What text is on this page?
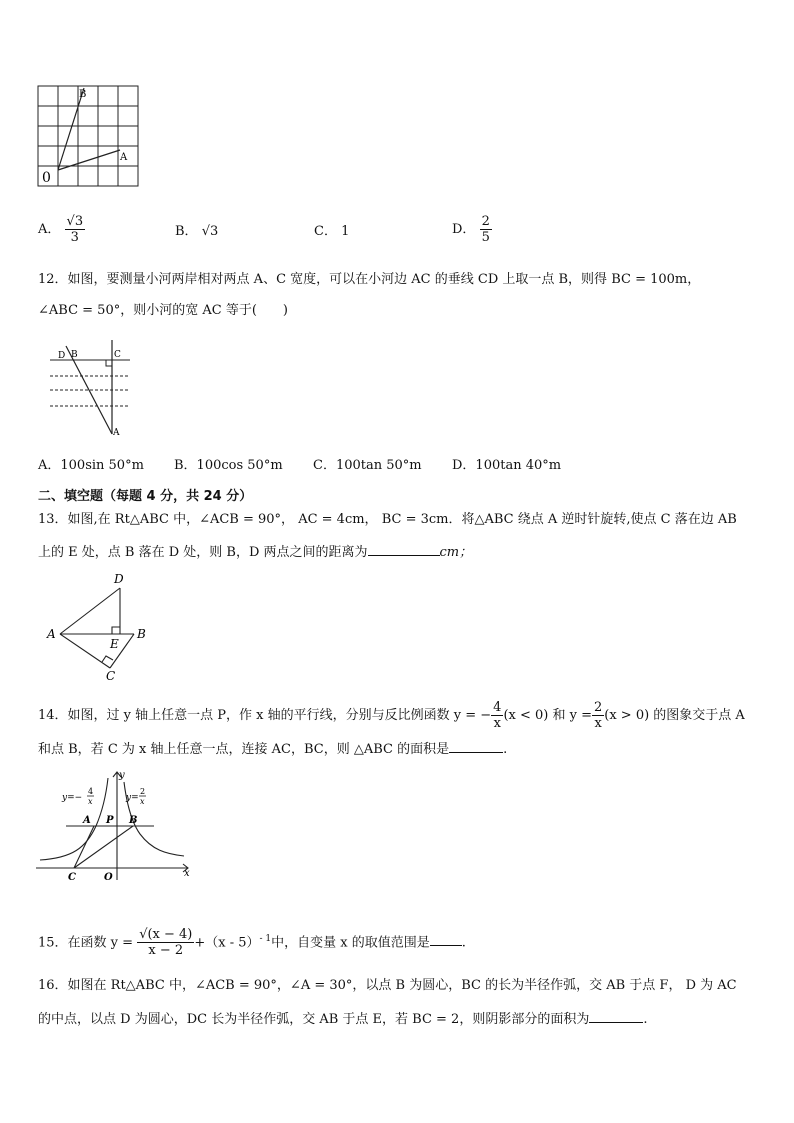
B
A
0
A． $\frac{√3}{3}$	B． √3	C． 1	D． $\frac{2}{5}$
12．如图，要测量小河两岸相对两点 A、C 宽度，可以在小河边 AC 的垂线 CD 上取一点 B，则得 BC = 100m，
∠ABC = 50°，则小河的宽 AC 等于(　　)
D B	C
A
A．100sin 50°m B．100cos 50°m C．100tan 50°m D．100tan 40°m
二、填空题（每题 4 分，共 24 分）
13．如图,在 Rt△ABC 中，∠ACB = 90°， AC = 4cm， BC = 3cm．将△ABC 绕点 A 逆时针旋转,使点 C 落在边 AB
上的 E 处，点 B 落在 D 处，则 B，D 两点之间的距离为	cm；
D
A
E
B
C
14．如图，过 y 轴上任意一点 P，作 x 轴的平行线，分别与反比例函数 y = − $\frac{4}{x} (x < 0)$ 和 $y = \frac{2}{x} (x > 0)$ 的图象交于点 A
和点 B，若 C 为 x 轴上任意一点，连接 AC，BC，则 △ABC 的面积是	.
y
y=−
4
x	y=
2
x
A P B
C	O	x
15．在函数 $y = \frac{√(x - 4)}{x - 2} +(x - 5)^{- 1}$中，自变量 x 的取值范围是 .
16．如图在 Rt△ABC 中，∠ACB = 90°，∠A = 30°，以点 B 为圆心，BC 的长为半径作弧，交 AB 于点 F， D 为 AC
的中点，以点 D 为圆心，DC 长为半径作弧，交 AB 于点 E，若 BC = 2，则阴影部分的面积为	.
